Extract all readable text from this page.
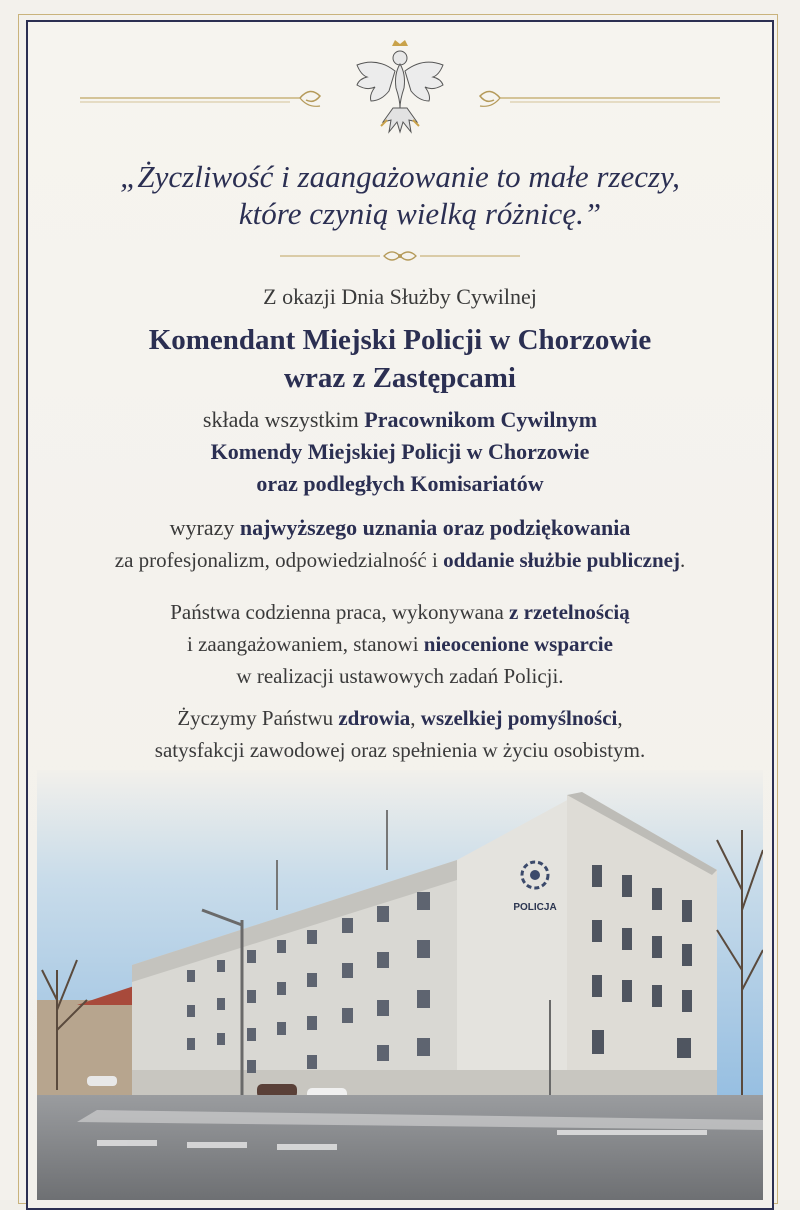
„Życzliwość i zaangażowanie to małe rzeczy,
które czynią wielką różnicę.”
Z okazji Dnia Służby Cywilnej
Komendant Miejski Policji w Chorzowie
wraz z Zastępcami
składa wszystkim Pracownikom Cywilnym
Komendy Miejskiej Policji w Chorzowie
oraz podległych Komisariatów
wyrazy najwyższego uznania oraz podziękowania
za profesjonalizm, odpowiedzialność i oddanie służbie publicznej.
Państwa codzienna praca, wykonywana z rzetelnością
i zaangażowaniem, stanowi nieocenione wsparcie
w realizacji ustawowych zadań Policji.
Życzymy Państwu zdrowia, wszelkiej pomyślności,
satysfakcji zawodowej oraz spełnienia w życiu osobistym.
POLICJA
